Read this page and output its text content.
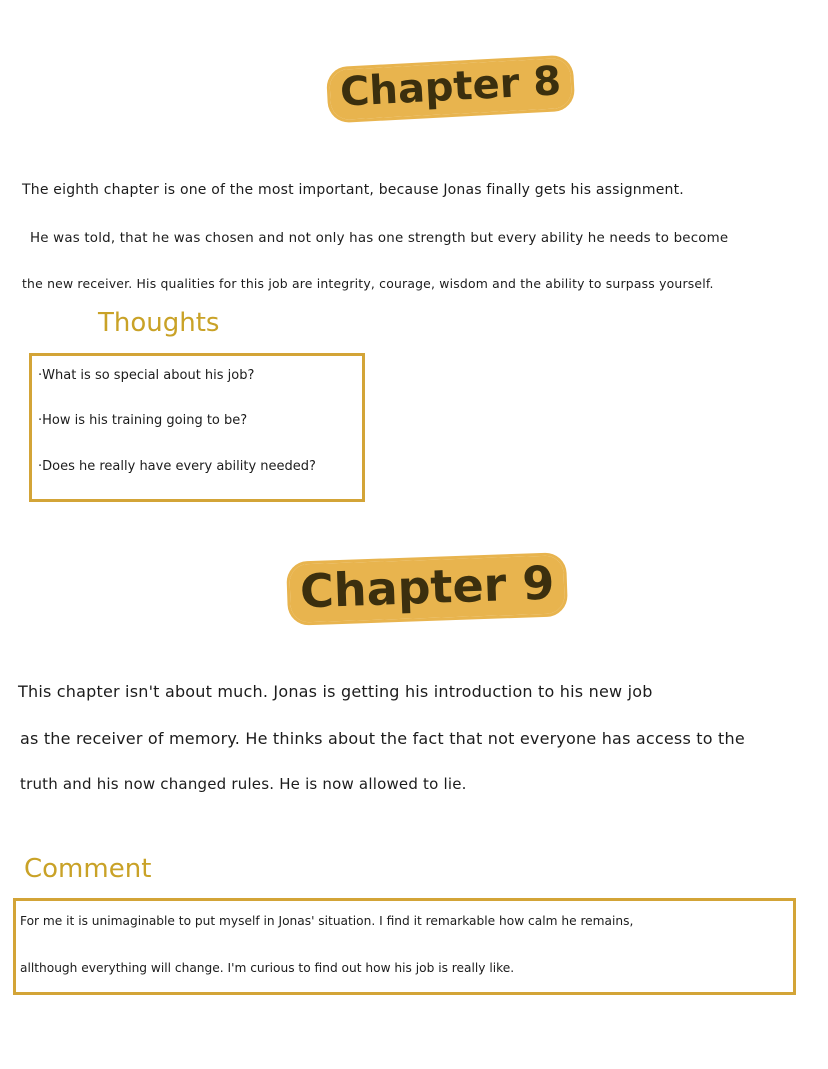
Chapter 8
The eighth chapter is one of the most important, because Jonas finally gets his assignment.
He was told, that he was chosen and not only has one strength but every ability he needs to become
the new receiver. His qualities for this job are integrity, courage, wisdom and the ability to surpass yourself.
Thoughts
·What is so special about his job?
·How is his training going to be?
·Does he really have every ability needed?
Chapter 9
This chapter isn't about much. Jonas is getting his introduction to his new job
as the receiver of memory. He thinks about the fact that not everyone has access to the
truth and his now changed rules. He is now allowed to lie.
Comment
For me it is unimaginable to put myself in Jonas' situation. I find it remarkable how calm he remains,
allthough everything will change. I'm curious to find out how his job is really like.
